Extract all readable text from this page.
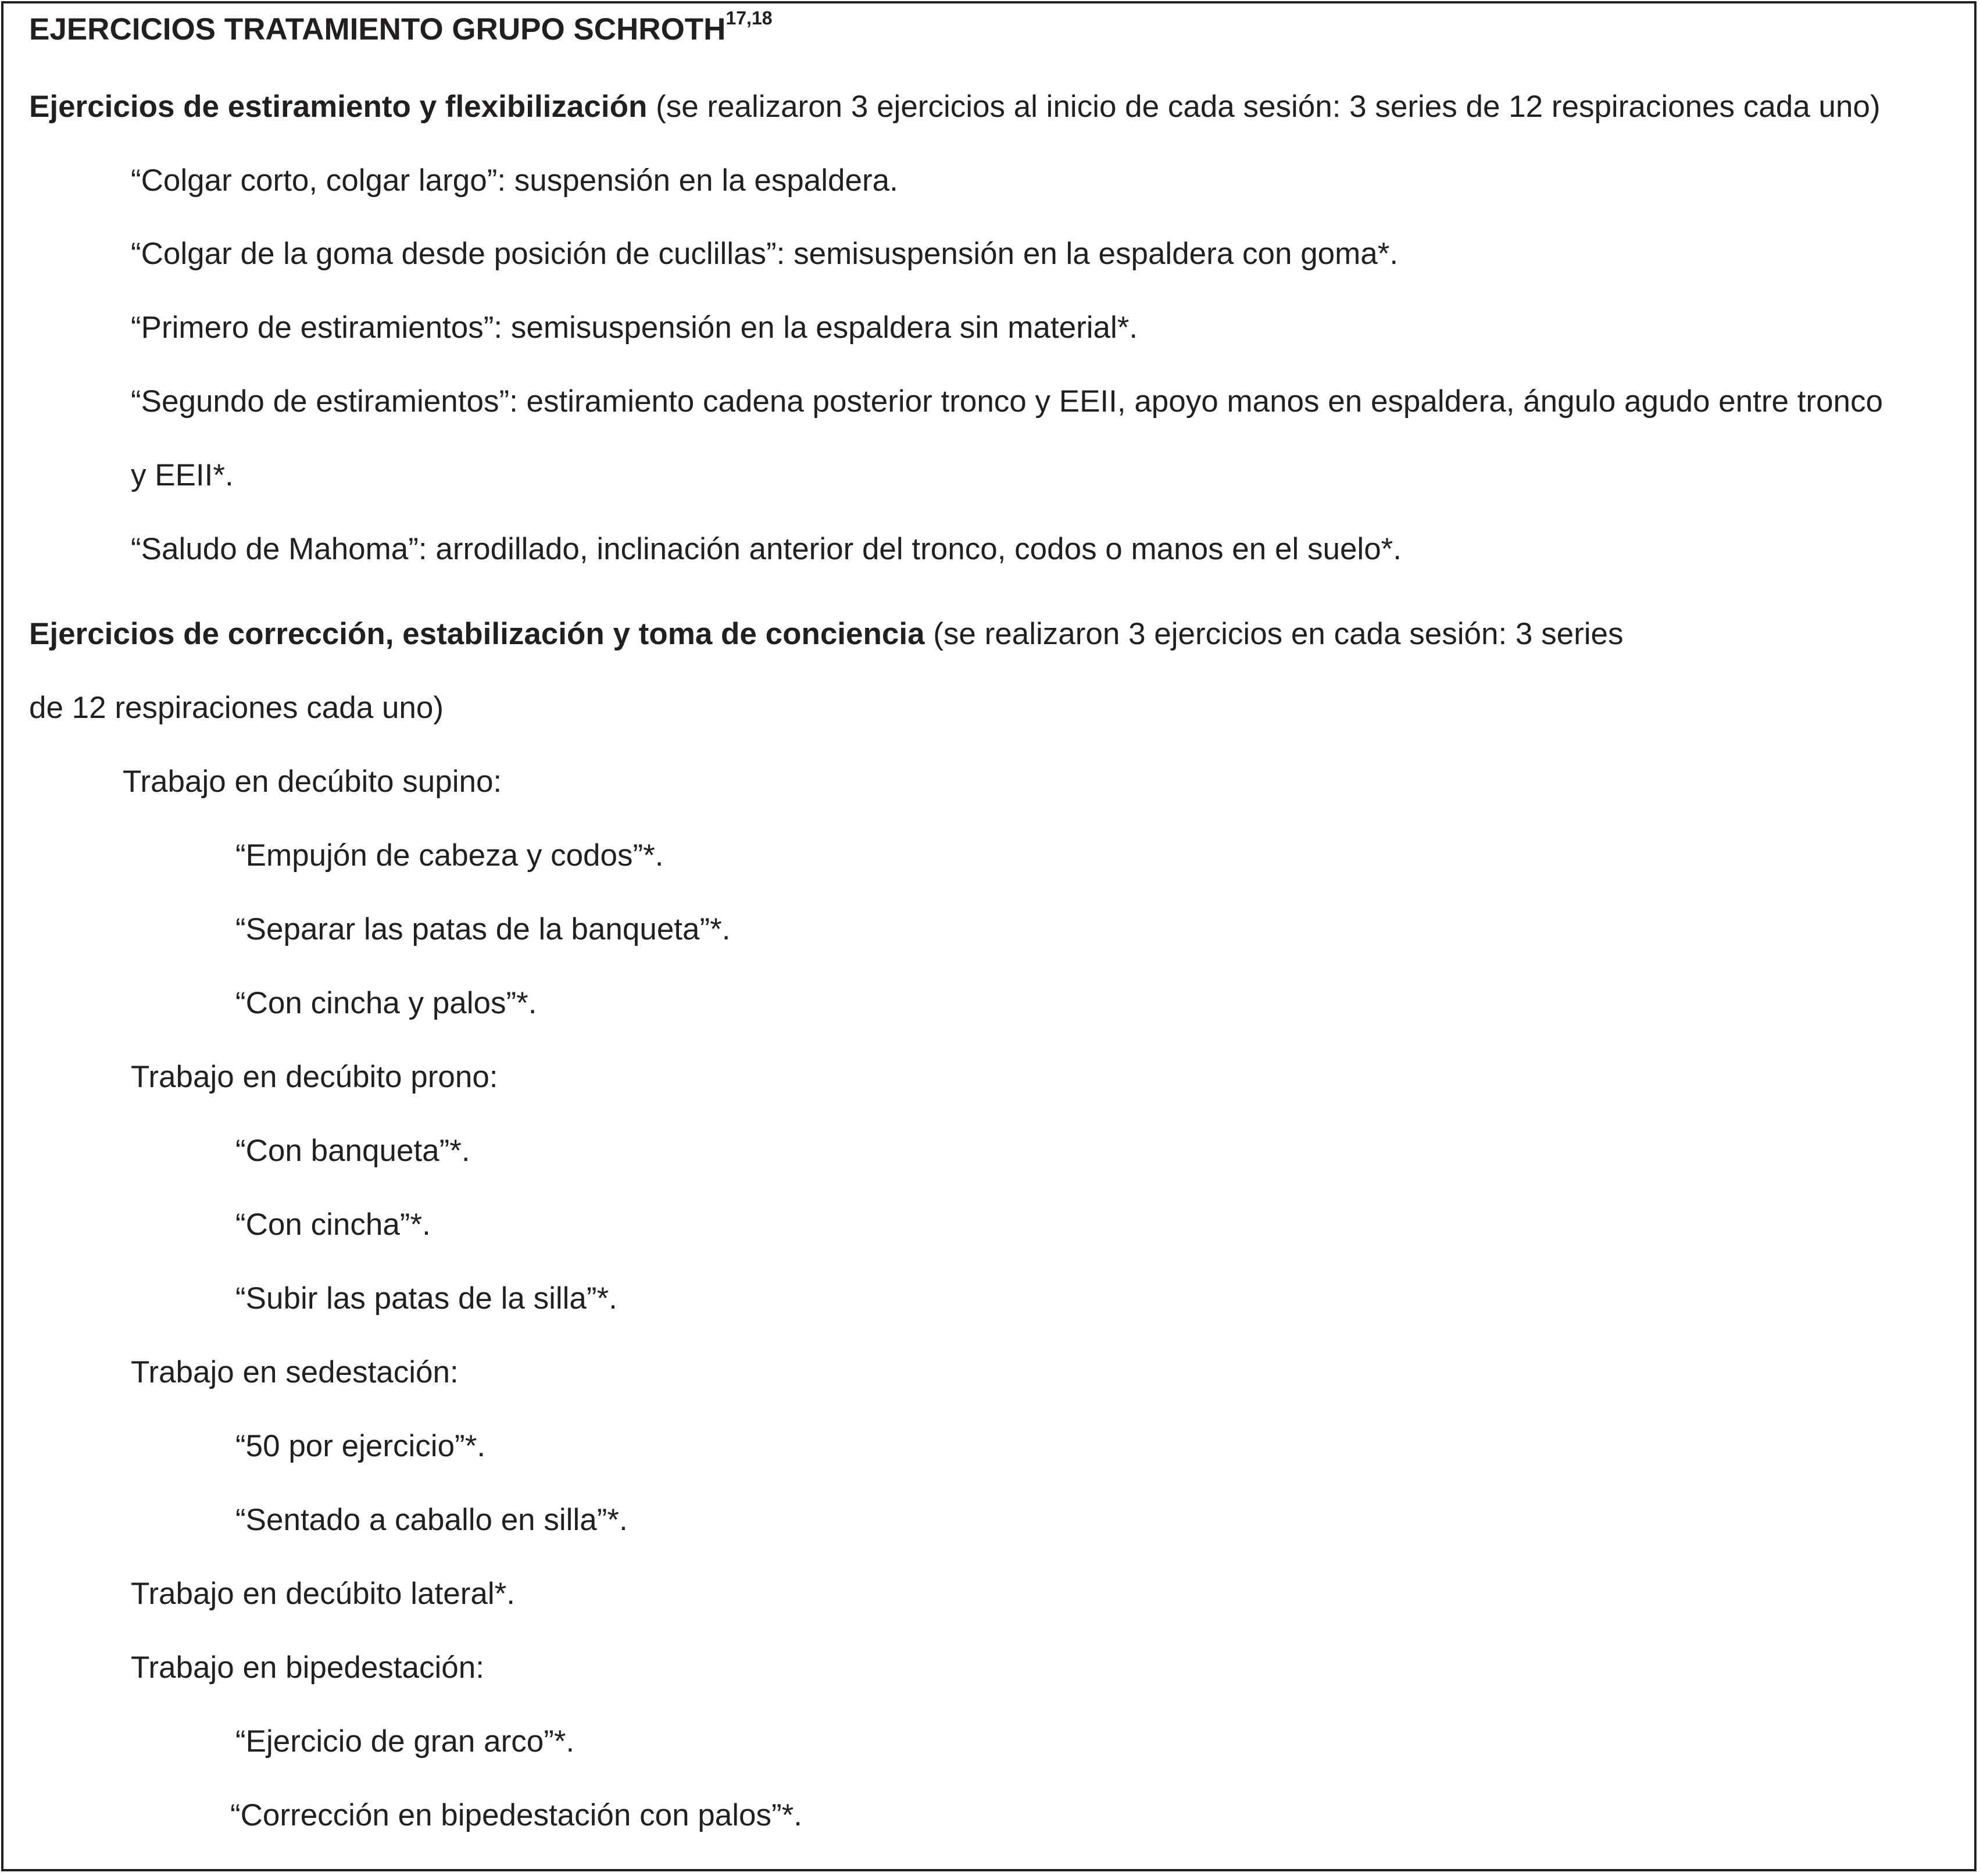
EJERCICIOS TRATAMIENTO GRUPO SCHROTH$^{17,18}$

Ejercicios de estiramiento y flexibilización (se realizaron 3 ejercicios al inicio de cada sesión: 3 series de 12 respiraciones cada uno)

“Colgar corto, colgar largo”: suspensión en la espaldera.

“Colgar de la goma desde posición de cuclillas”: semisuspensión en la espaldera con goma*.

“Primero de estiramientos”: semisuspensión en la espaldera sin material*.

“Segundo de estiramientos”: estiramiento cadena posterior tronco y EEII, apoyo manos en espaldera, ángulo agudo entre tronco

y EEII*.

“Saludo de Mahoma”: arrodillado, inclinación anterior del tronco, codos o manos en el suelo*.

Ejercicios de corrección, estabilización y toma de conciencia (se realizaron 3 ejercicios en cada sesión: 3 series

de 12 respiraciones cada uno)

Trabajo en decúbito supino:

“Empujón de cabeza y codos”*.

“Separar las patas de la banqueta”*.

“Con cincha y palos”*.

Trabajo en decúbito prono:

“Con banqueta”*.

“Con cincha”*.

“Subir las patas de la silla”*.

Trabajo en sedestación:

“50 por ejercicio”*.

“Sentado a caballo en silla”*.

Trabajo en decúbito lateral*.

Trabajo en bipedestación:

“Ejercicio de gran arco”*.

“Corrección en bipedestación con palos”*.
